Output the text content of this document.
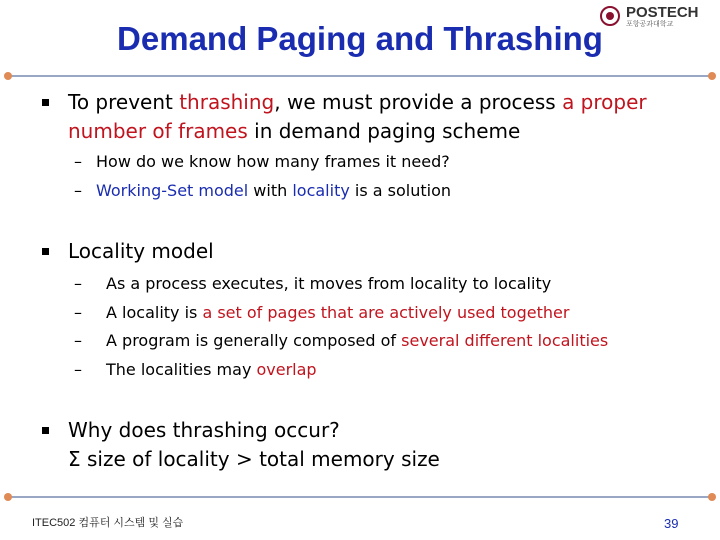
Demand Paging and Thrashing
POSTECH
포항공과대학교
To prevent thrashing, we must provide a process a proper
number of frames in demand paging scheme
– How do we know how many frames it need?
– Working-Set model with locality is a solution
Locality model
– As a process executes, it moves from locality to locality
– A locality is a set of pages that are actively used together
– A program is generally composed of several different localities
– The localities may overlap
Why does thrashing occur?
Σ size of locality > total memory size
ITEC502 컴퓨터 시스템 및 실습	39
